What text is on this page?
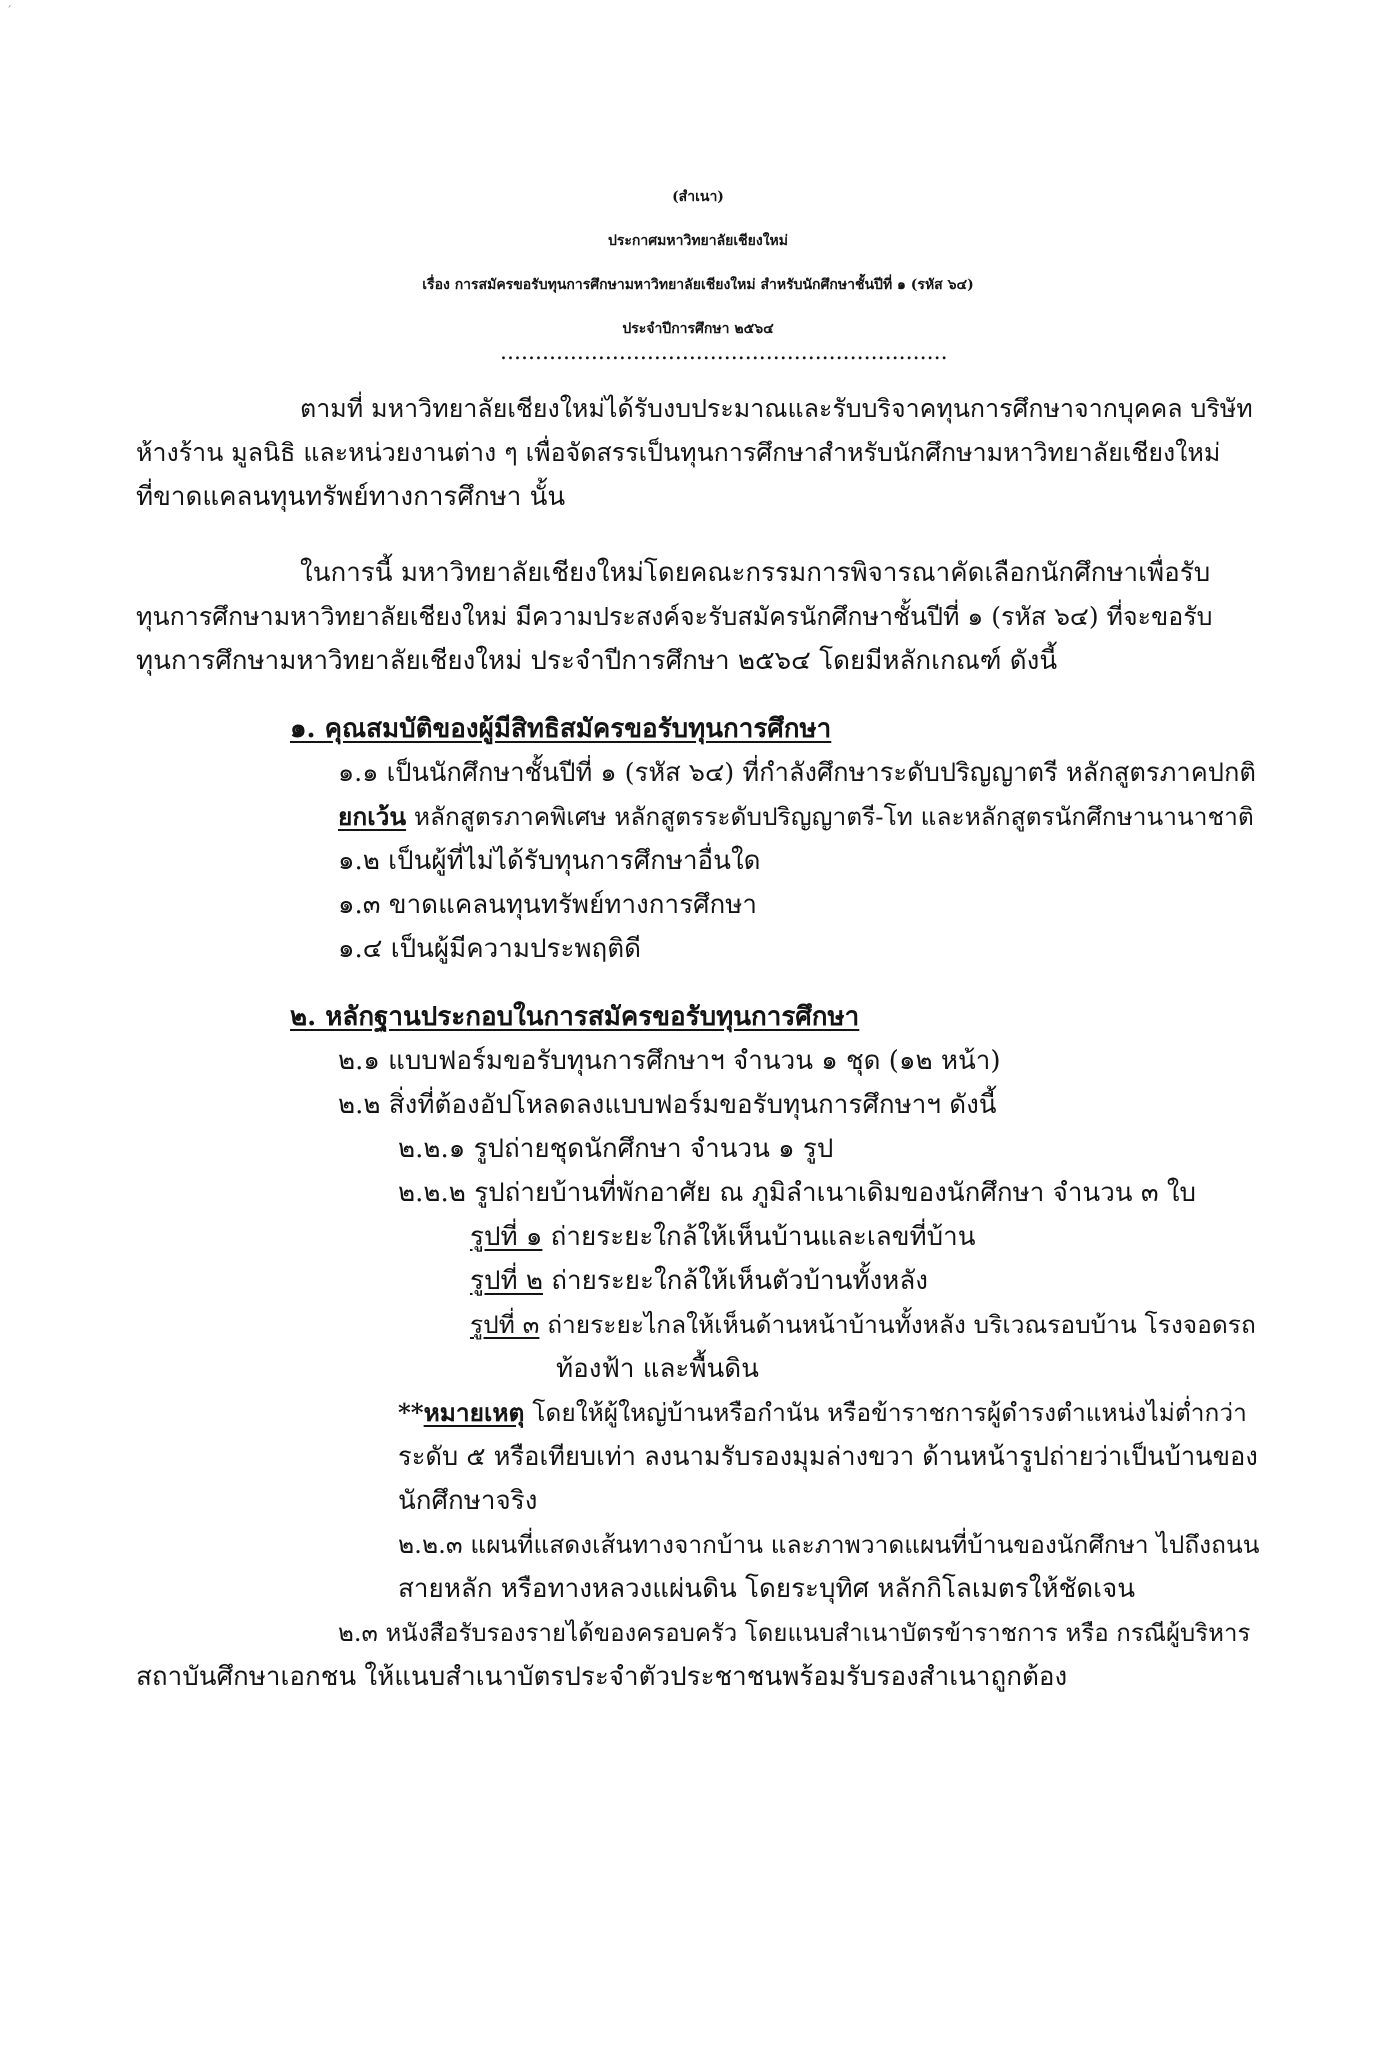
ˊ
(สำเนา)
ประกาศมหาวิทยาลัยเชียงใหม่
เรื่อง การสมัครขอรับทุนการศึกษามหาวิทยาลัยเชียงใหม่ สำหรับนักศึกษาชั้นปีที่ ๑ (รหัส ๖๔)
ประจำปีการศึกษา ๒๕๖๔
................................................................
ตามที่ มหาวิทยาลัยเชียงใหม่ได้รับงบประมาณและรับบริจาคทุนการศึกษาจากบุคคล บริษัท
ห้างร้าน มูลนิธิ และหน่วยงานต่าง ๆ เพื่อจัดสรรเป็นทุนการศึกษาสำหรับนักศึกษามหาวิทยาลัยเชียงใหม่
ที่ขาดแคลนทุนทรัพย์ทางการศึกษา นั้น
ในการนี้ มหาวิทยาลัยเชียงใหม่โดยคณะกรรมการพิจารณาคัดเลือกนักศึกษาเพื่อรับ
ทุนการศึกษามหาวิทยาลัยเชียงใหม่ มีความประสงค์จะรับสมัครนักศึกษาชั้นปีที่ ๑ (รหัส ๖๔) ที่จะขอรับ
ทุนการศึกษามหาวิทยาลัยเชียงใหม่ ประจำปีการศึกษา ๒๕๖๔ โดยมีหลักเกณฑ์ ดังนี้
๑. คุณสมบัติของผู้มีสิทธิสมัครขอรับทุนการศึกษา
๑.๑ เป็นนักศึกษาชั้นปีที่ ๑ (รหัส ๖๔) ที่กำลังศึกษาระดับปริญญาตรี หลักสูตรภาคปกติ
ยกเว้น หลักสูตรภาคพิเศษ หลักสูตรระดับปริญญาตรี-โท และหลักสูตรนักศึกษานานาชาติ
๑.๒ เป็นผู้ที่ไม่ได้รับทุนการศึกษาอื่นใด
๑.๓ ขาดแคลนทุนทรัพย์ทางการศึกษา
๑.๔ เป็นผู้มีความประพฤติดี
๒. หลักฐานประกอบในการสมัครขอรับทุนการศึกษา
๒.๑ แบบฟอร์มขอรับทุนการศึกษาฯ จำนวน ๑ ชุด (๑๒ หน้า)
๒.๒ สิ่งที่ต้องอัปโหลดลงแบบฟอร์มขอรับทุนการศึกษาฯ ดังนี้
๒.๒.๑ รูปถ่ายชุดนักศึกษา จำนวน ๑ รูป
๒.๒.๒ รูปถ่ายบ้านที่พักอาศัย ณ ภูมิลำเนาเดิมของนักศึกษา จำนวน ๓ ใบ
รูปที่ ๑ ถ่ายระยะใกล้ให้เห็นบ้านและเลขที่บ้าน
รูปที่ ๒ ถ่ายระยะใกล้ให้เห็นตัวบ้านทั้งหลัง
รูปที่ ๓ ถ่ายระยะไกลให้เห็นด้านหน้าบ้านทั้งหลัง บริเวณรอบบ้าน โรงจอดรถ
ท้องฟ้า และพื้นดิน
**หมายเหตุ โดยให้ผู้ใหญ่บ้านหรือกำนัน หรือข้าราชการผู้ดำรงตำแหน่งไม่ต่ำกว่า
ระดับ ๕ หรือเทียบเท่า ลงนามรับรองมุมล่างขวา ด้านหน้ารูปถ่ายว่าเป็นบ้านของ
นักศึกษาจริง
๒.๒.๓ แผนที่แสดงเส้นทางจากบ้าน และภาพวาดแผนที่บ้านของนักศึกษา ไปถึงถนน
สายหลัก หรือทางหลวงแผ่นดิน โดยระบุทิศ หลักกิโลเมตรให้ชัดเจน
๒.๓ หนังสือรับรองรายได้ของครอบครัว โดยแนบสำเนาบัตรข้าราชการ หรือ กรณีผู้บริหาร
สถาบันศึกษาเอกชน ให้แนบสำเนาบัตรประจำตัวประชาชนพร้อมรับรองสำเนาถูกต้อง
